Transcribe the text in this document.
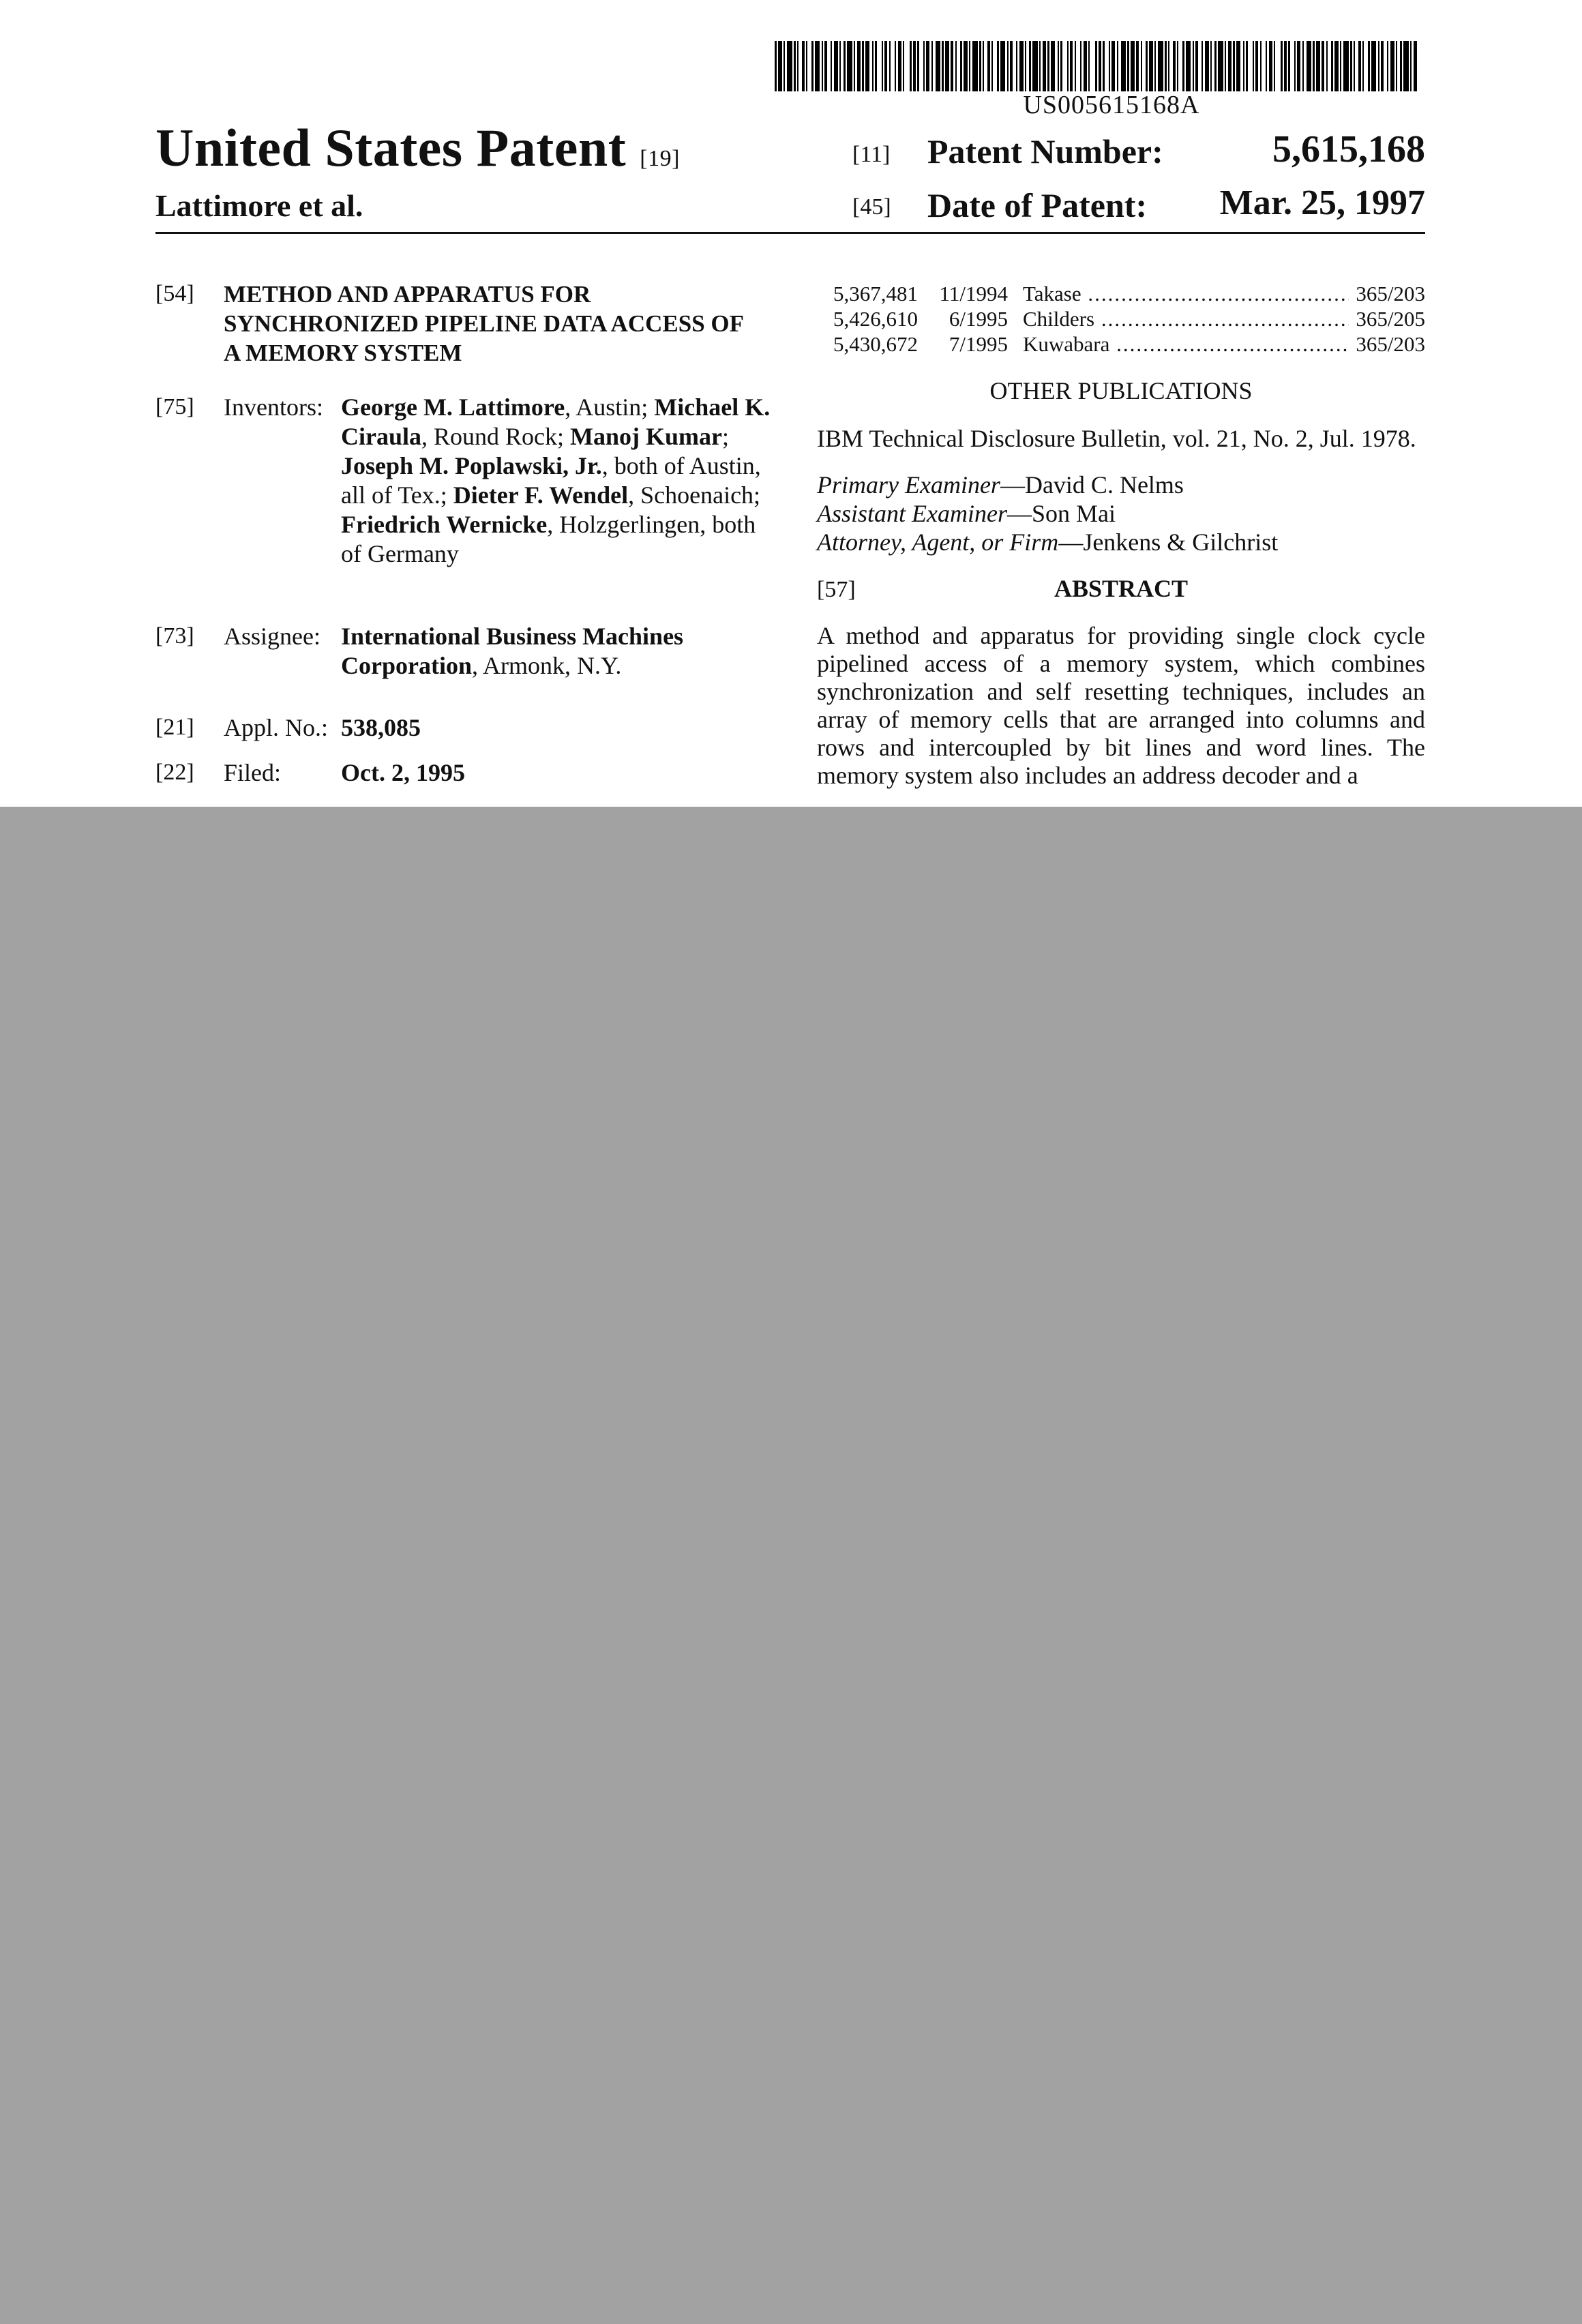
US005615168A
United States Patent [19]
Lattimore et al.
[11] Patent Number:	5,615,168
[45] Date of Patent:	Mar. 25, 1997
[54] METHOD AND APPARATUS FOR SYNCHRONIZED PIPELINE DATA ACCESS OF A MEMORY SYSTEM
[75] Inventors: George M. Lattimore, Austin; Michael K. Ciraula, Round Rock; Manoj Kumar; Joseph M. Poplawski, Jr., both of Austin, all of Tex.; Dieter F. Wendel, Schoenaich; Friedrich Wernicke, Holzgerlingen, both of Germany
[73] Assignee: International Business Machines Corporation, Armonk, N.Y.
[21] Appl. No.: 538,085
[22] Filed: Oct. 2, 1995
5,367,481	11/1994 Takase .....	365/203
5,426,610	6/1995 Childers .....	365/205
5,430,672	7/1995 Kuwabara .....	365/203
OTHER PUBLICATIONS
IBM Technical Disclosure Bulletin, vol. 21, No. 2, Jul. 1978.
Primary Examiner—David C. Nelms
Assistant Examiner—Son Mai
Attorney, Agent, or Firm—Jenkens & Gilchrist
[57]	ABSTRACT
A method and apparatus for providing single clock cycle pipelined access of a memory system, which combines synchronization and self resetting techniques, includes an array of memory cells that are arranged into columns and rows and intercoupled by bit lines and word lines. The memory system also includes an address decoder and a
